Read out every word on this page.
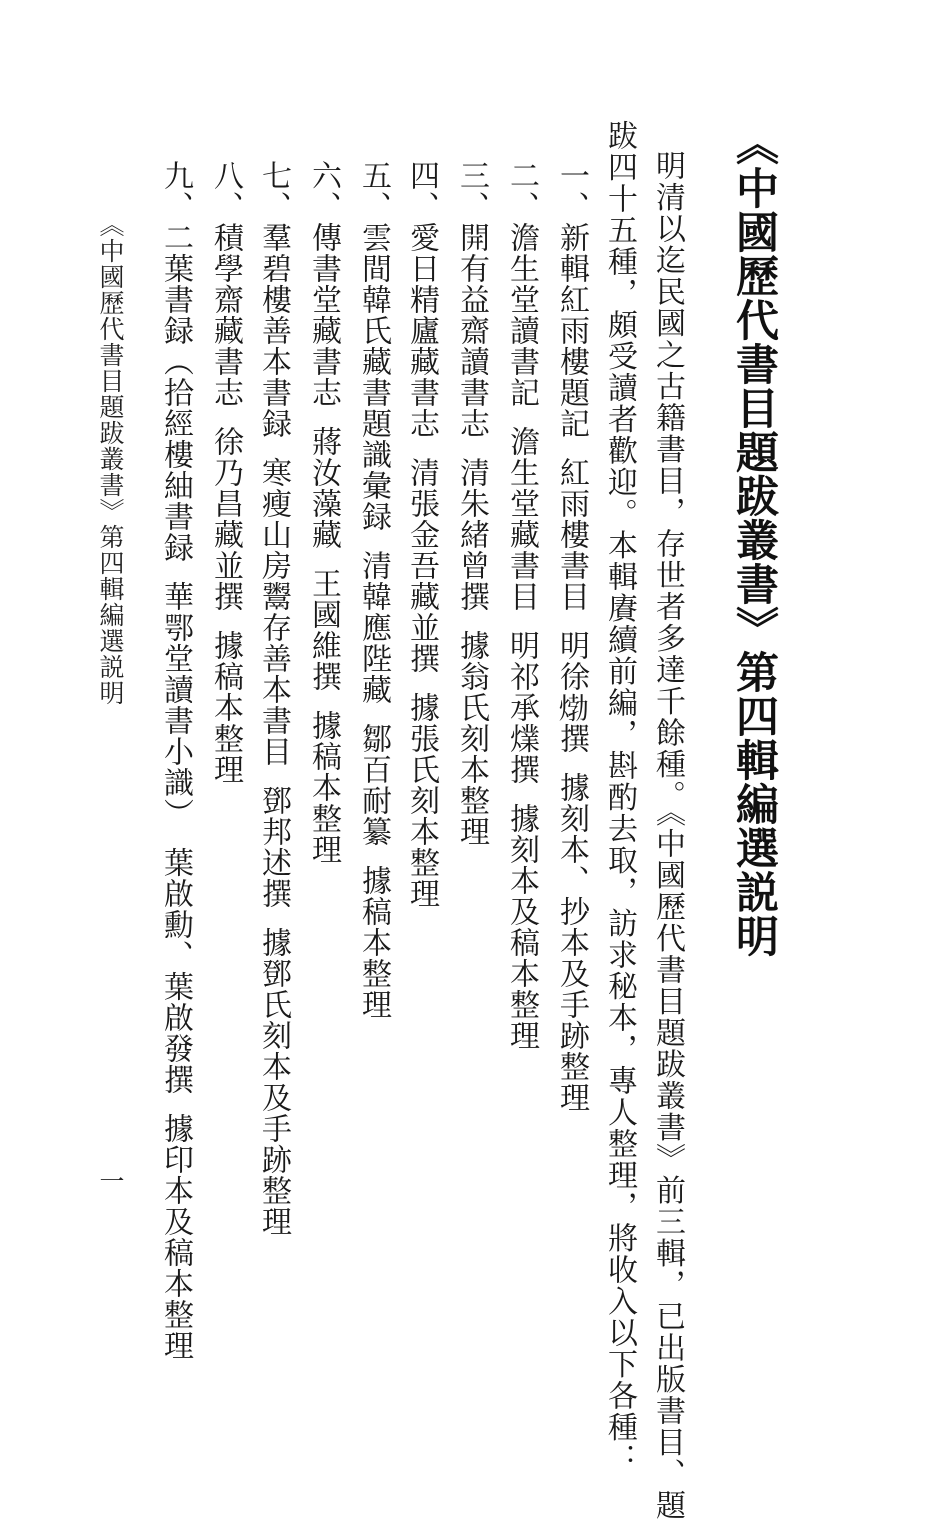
《中國歷代書目題跋叢書》第四輯編選説明
明清以迄民國之古籍書目，存世者多達千餘種。《中國歷代書目題跋叢書》前三輯，已出版書目、題
跋四十五種，頗受讀者歡迎。本輯賡續前編，斟酌去取，訪求秘本，專人整理，將收入以下各種：
一、新輯紅雨樓題記紅雨樓書目明徐𤊹撰據刻本、抄本及手跡整理
二、澹生堂讀書記澹生堂藏書目明祁承㸁撰據刻本及稿本整理
三、開有益齋讀書志清朱緒曾撰據翁氏刻本整理
四、愛日精廬藏書志清張金吾藏並撰據張氏刻本整理
五、雲間韓氏藏書題識彙録清韓應陛藏鄒百耐纂據稿本整理
六、傳書堂藏書志蔣汝藻藏王國維撰據稿本整理
七、羣碧樓善本書録寒瘦山房鬻存善本書目鄧邦述撰據鄧氏刻本及手跡整理
八、積學齋藏書志徐乃昌藏並撰據稿本整理
九、二葉書録（拾經樓紬書録華鄂堂讀書小識）葉啟勳、葉啟發撰據印本及稿本整理
《中國歷代書目題跋叢書》第四輯編選説明
一
